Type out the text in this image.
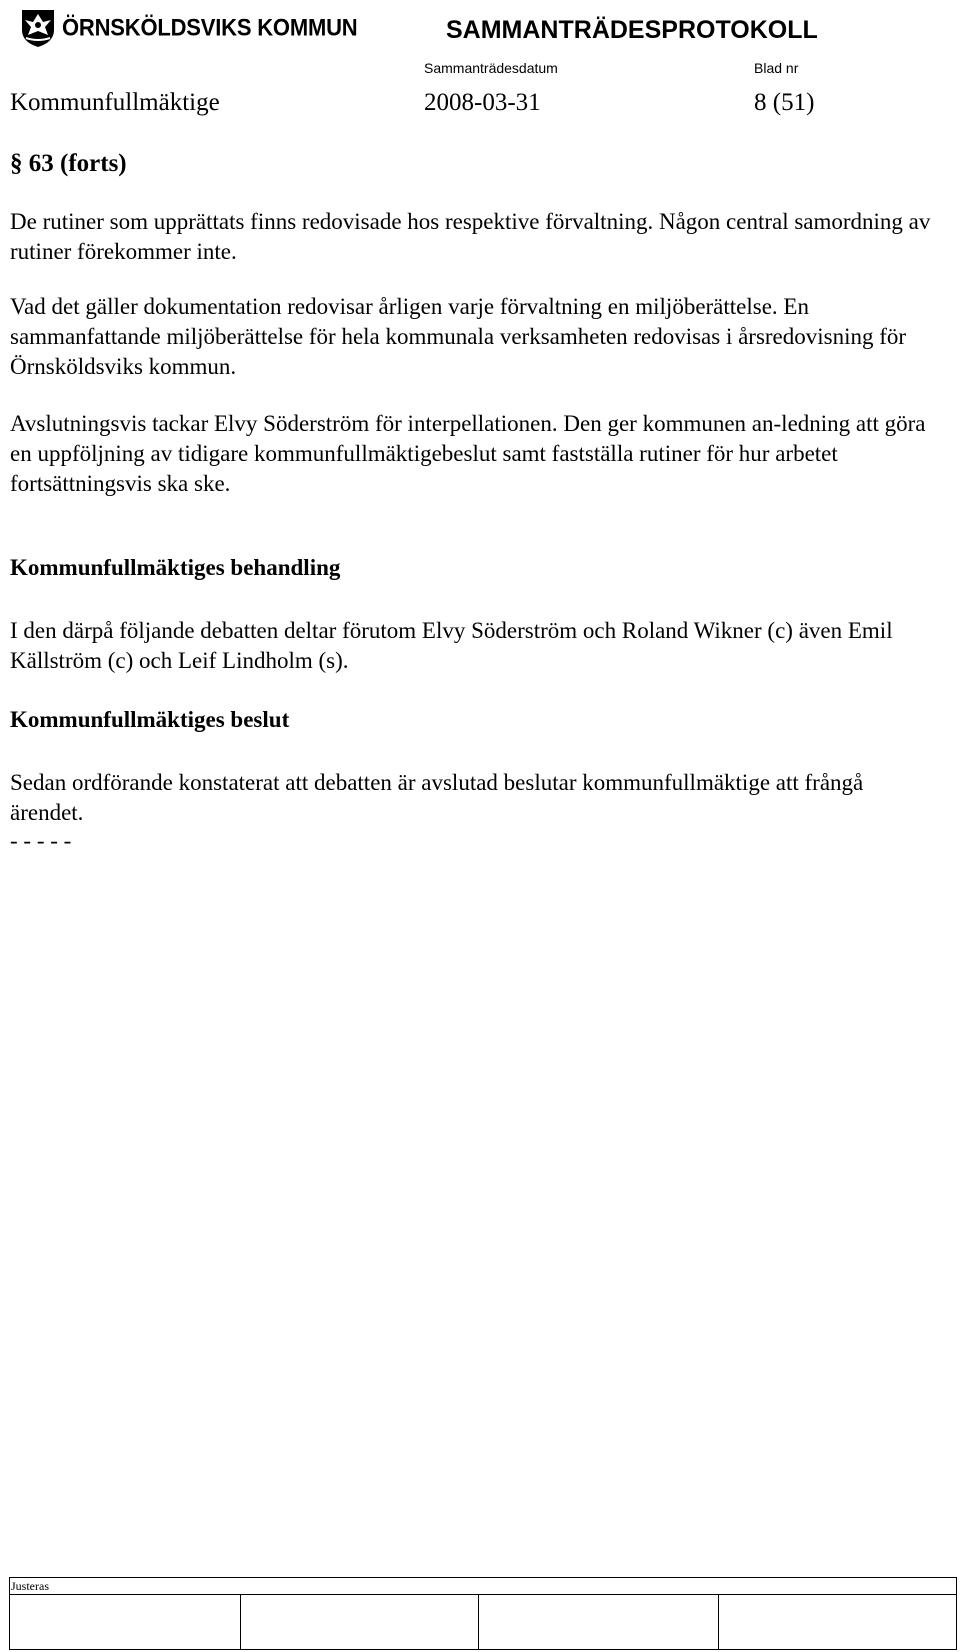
ÖRNSKÖLDSVIKS KOMMUN	SAMMANTRÄDESPROTOKOLL
Sammanträdesdatum	Blad nr
Kommunfullmäktige	2008-03-31	8 (51)
§ 63 (forts)

De rutiner som upprättats finns redovisade hos respektive förvaltning. Någon central samordning av rutiner förekommer inte.

Vad det gäller dokumentation redovisar årligen varje förvaltning en miljöberättelse. En sammanfattande miljöberättelse för hela kommunala verksamheten redovisas i årsredovisning för Örnsköldsviks kommun.

Avslutningsvis tackar Elvy Söderström för interpellationen. Den ger kommunen an-ledning att göra en uppföljning av tidigare kommunfullmäktigebeslut samt fastställa rutiner för hur arbetet fortsättningsvis ska ske.

Kommunfullmäktiges behandling

I den därpå följande debatten deltar förutom Elvy Söderström och Roland Wikner (c) även Emil Källström (c) och Leif Lindholm (s).

Kommunfullmäktiges beslut

Sedan ordförande konstaterat att debatten är avslutad beslutar kommunfullmäktige att frångå ärendet.

- - - - -
Justeras
